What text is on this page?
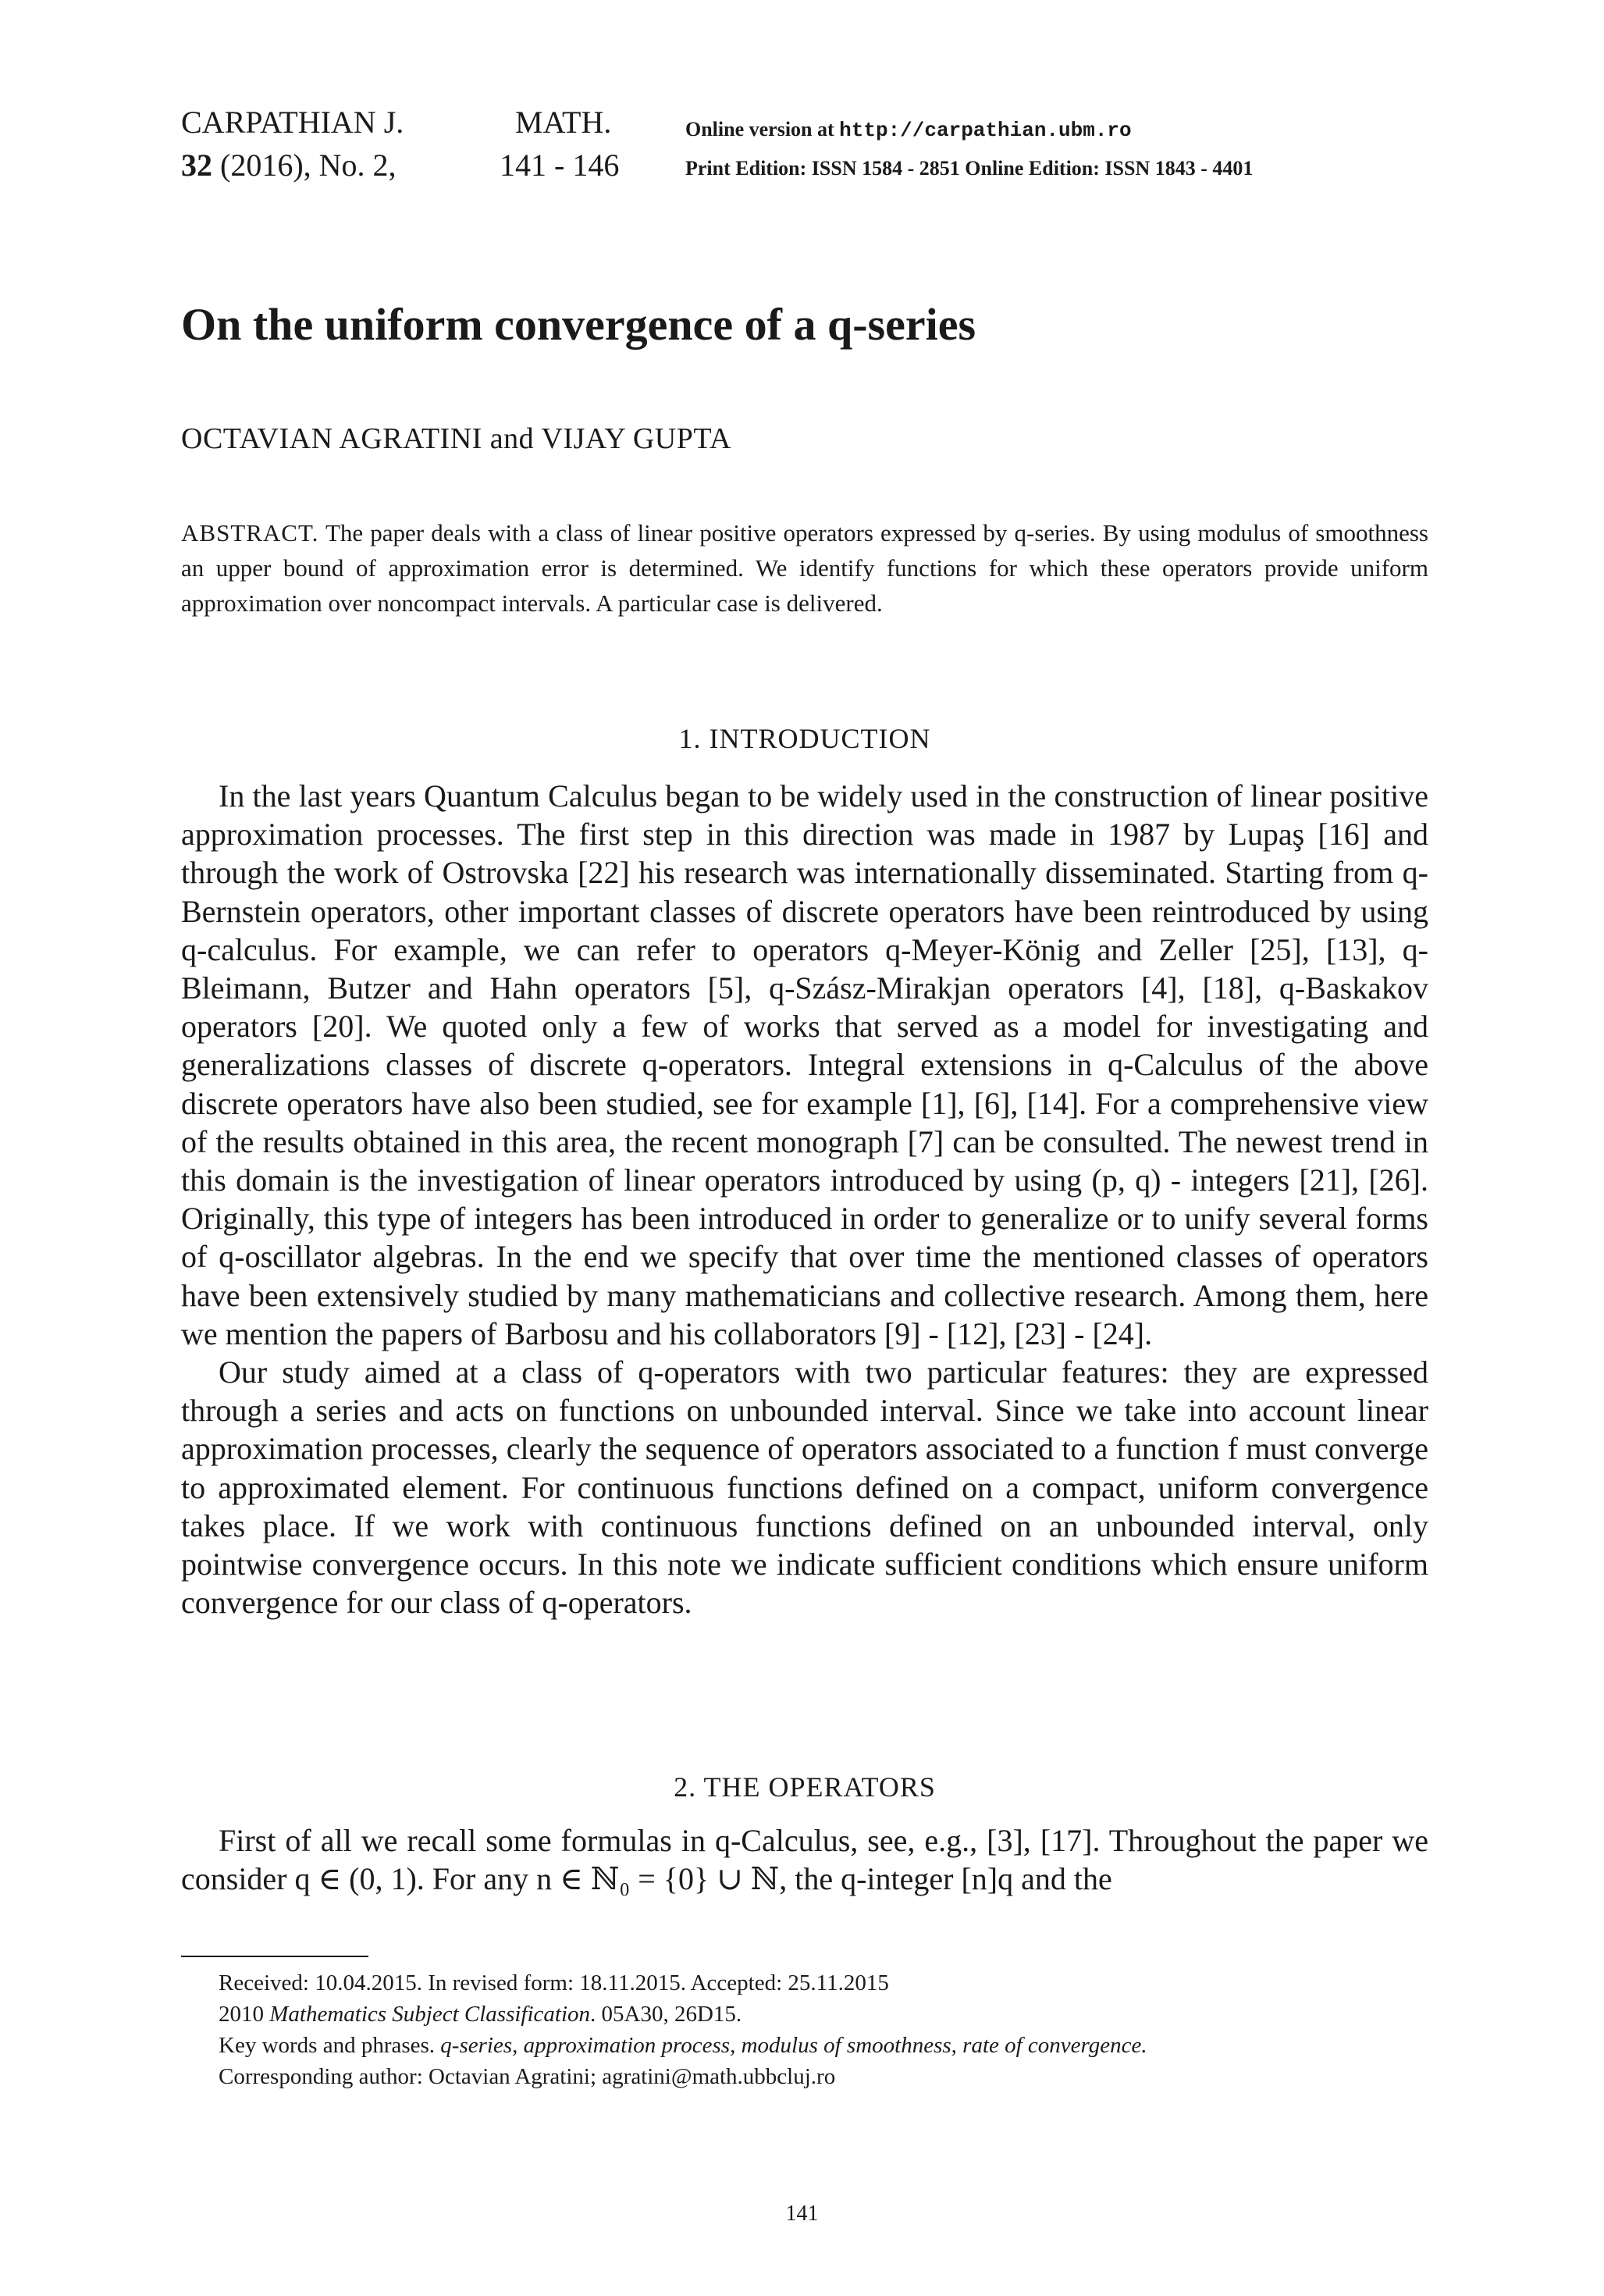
CARPATHIAN J.	MATH.	Online version at http://carpathian.ubm.ro
32 (2016), No. 2,	141 - 146	Print Edition: ISSN 1584 - 2851 Online Edition: ISSN 1843 - 4401
On the uniform convergence of a q-series
OCTAVIAN AGRATINI and VIJAY GUPTA
ABSTRACT. The paper deals with a class of linear positive operators expressed by q-series. By using modulus of smoothness an upper bound of approximation error is determined. We identify functions for which these operators provide uniform approximation over noncompact intervals. A particular case is delivered.
1. INTRODUCTION

In the last years Quantum Calculus began to be widely used in the construction of linear positive approximation processes. The first step in this direction was made in 1987 by Lupaş [16] and through the work of Ostrovska [22] his research was internationally disseminated. Starting from q-Bernstein operators, other important classes of discrete operators have been reintroduced by using q-calculus. For example, we can refer to operators q-Meyer-König and Zeller [25], [13], q-Bleimann, Butzer and Hahn operators [5], q-Szász-Mirakjan operators [4], [18], q-Baskakov operators [20]. We quoted only a few of works that served as a model for investigating and generalizations classes of discrete q-operators. Integral extensions in q-Calculus of the above discrete operators have also been studied, see for example [1], [6], [14]. For a comprehensive view of the results obtained in this area, the recent monograph [7] can be consulted. The newest trend in this domain is the investigation of linear operators introduced by using (p, q) - integers [21], [26]. Originally, this type of integers has been introduced in order to generalize or to unify several forms of q-oscillator algebras. In the end we specify that over time the mentioned classes of operators have been extensively studied by many mathematicians and collective research. Among them, here we mention the papers of Barbosu and his collaborators [9] - [12], [23] - [24].

Our study aimed at a class of q-operators with two particular features: they are expressed through a series and acts on functions on unbounded interval. Since we take into account linear approximation processes, clearly the sequence of operators associated to a function f must converge to approximated element. For continuous functions defined on a compact, uniform convergence takes place. If we work with continuous functions defined on an unbounded interval, only pointwise convergence occurs. In this note we indicate sufficient conditions which ensure uniform convergence for our class of q-operators.

2. THE OPERATORS

First of all we recall some formulas in q-Calculus, see, e.g., [3], [17]. Throughout the paper we consider q ∈ (0, 1). For any n ∈ ℕ₀ = {0} ∪ ℕ, the q-integer [n]q and the

Received: 10.04.2015. In revised form: 18.11.2015. Accepted: 25.11.2015
2010 Mathematics Subject Classification. 05A30, 26D15.
Key words and phrases. q-series, approximation process, modulus of smoothness, rate of convergence.
Corresponding author: Octavian Agratini; agratini@math.ubbcluj.ro
141
